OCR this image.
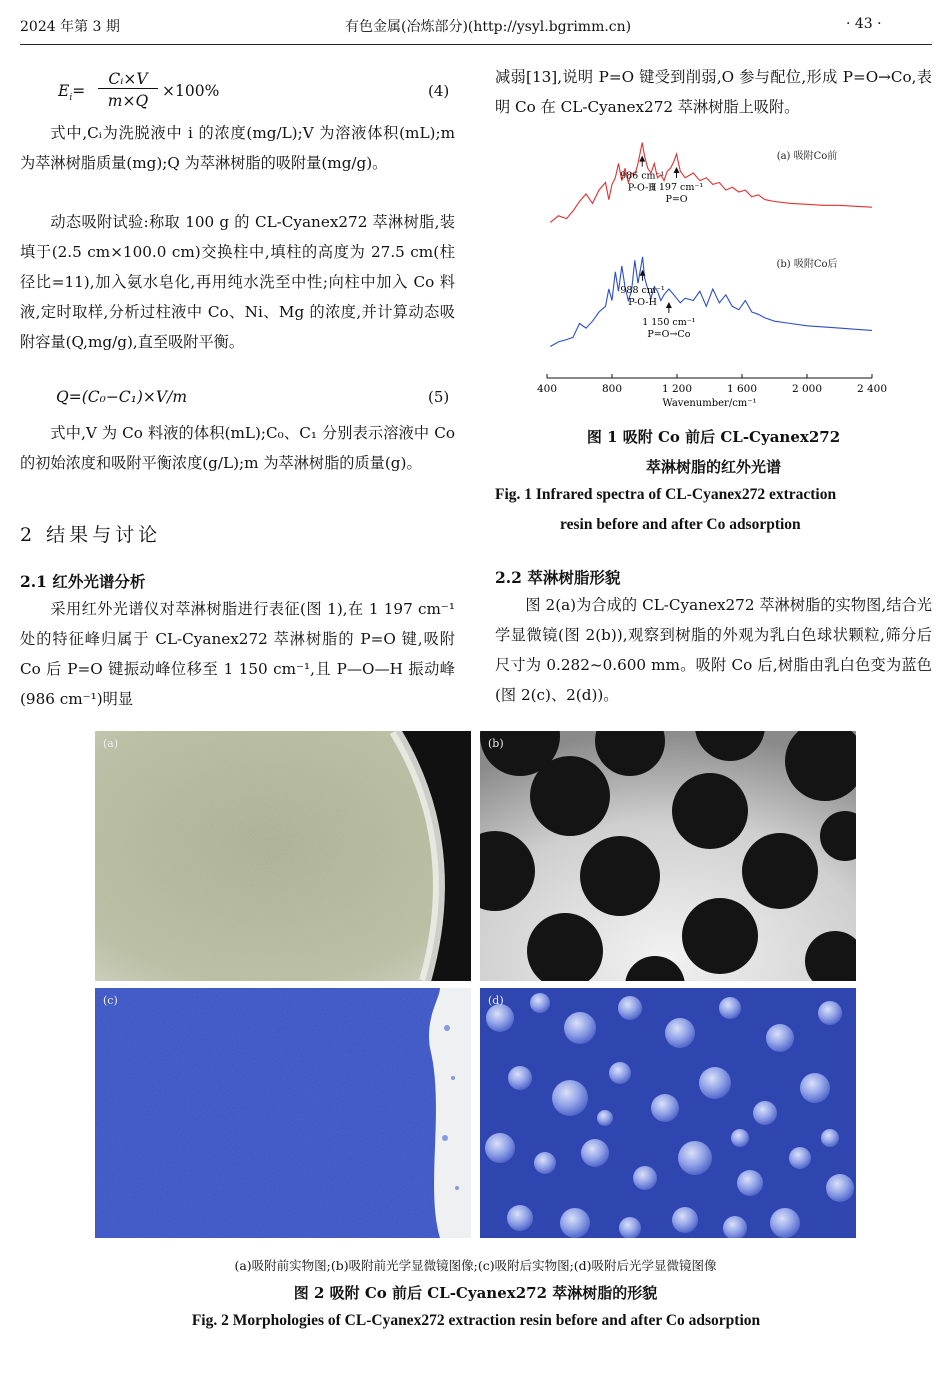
2024 年第 3 期	有色金属(冶炼部分)(http://ysyl.bgrimm.cn)	· 43 ·
$E_i=$
Cᵢ×V
m×Q
×100%	(4)

式中,Cᵢ为洗脱液中 i 的浓度(mg/L);V 为溶液体积(mL);m 为萃淋树脂质量(mg);Q 为萃淋树脂的吸附量(mg/g)。

动态吸附试验:称取 100 g 的 CL-Cyanex272 萃淋树脂,装填于(2.5 cm×100.0 cm)交换柱中,填柱的高度为 27.5 cm(柱径比=11),加入氨水皂化,再用纯水洗至中性;向柱中加入 Co 料液,定时取样,分析过柱液中 Co、Ni、Mg 的浓度,并计算动态吸附容量(Q,mg/g),直至吸附平衡。

Q=(C₀−C₁)×V/m	(5)

式中,V 为 Co 料液的体积(mL);C₀、C₁ 分别表示溶液中 Co 的初始浓度和吸附平衡浓度(g/L);m 为萃淋树脂的质量(g)。

2 结果与讨论
2.1 红外光谱分析

采用红外光谱仪对萃淋树脂进行表征(图 1),在 1 197 cm⁻¹处的特征峰归属于 CL-Cyanex272 萃淋树脂的 P=O 键,吸附 Co 后 P=O 键振动峰位移至 1 150 cm⁻¹,且 P—O—H 振动峰(986 cm⁻¹)明显

减弱[13],说明 P=O 键受到削弱,O 参与配位,形成 P=O→Co,表明 Co 在 CL-Cyanex272 萃淋树脂上吸附。

(a) 吸附Co前
(b) 吸附Co后
986 cm⁻¹
P-O-H
1 197 cm⁻¹
P=O
988 cm⁻¹
P-O-H
1 150 cm⁻¹
P=O→Co
400	800	1 200	1 600	2 000	2 400
Wavenumber/cm⁻¹
图 1 吸附 Co 前后 CL-Cyanex272
萃淋树脂的红外光谱
Fig. 1 Infrared spectra of CL-Cyanex272 extraction
resin before and after Co adsorption
2.2 萃淋树脂形貌

图 2(a)为合成的 CL-Cyanex272 萃淋树脂的实物图,结合光学显微镜(图 2(b)),观察到树脂的外观为乳白色球状颗粒,筛分后尺寸为 0.282~0.600 mm。吸附 Co 后,树脂由乳白色变为蓝色(图 2(c)、2(d))。

(a)	(b)
(c)	(d)
(a)吸附前实物图;(b)吸附前光学显微镜图像;(c)吸附后实物图;(d)吸附后光学显微镜图像
图 2 吸附 Co 前后 CL-Cyanex272 萃淋树脂的形貌
Fig. 2 Morphologies of CL-Cyanex272 extraction resin before and after Co adsorption
